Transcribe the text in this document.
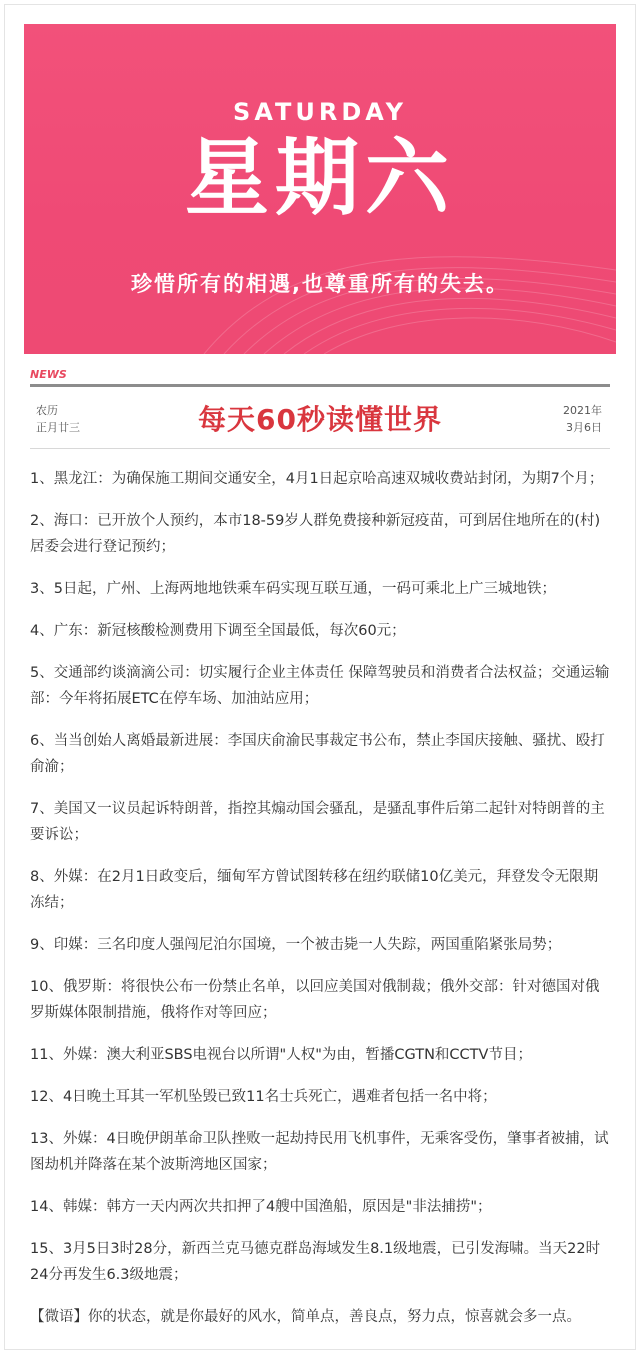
SATURDAY
星期六
珍惜所有的相遇,也尊重所有的失去。
NEWS
农历
正月廿三	每天60秒读懂世界	2021年
3月6日

1、黑龙江：为确保施工期间交通安全，4月1日起京哈高速双城收费站封闭，为期7个月；

2、海口：已开放个人预约，本市18-59岁人群免费接种新冠疫苗，可到居住地所在的(村)居委会进行登记预约；

3、5日起，广州、上海两地地铁乘车码实现互联互通，一码可乘北上广三城地铁；

4、广东：新冠核酸检测费用下调至全国最低，每次60元；

5、交通部约谈滴滴公司：切实履行企业主体责任 保障驾驶员和消费者合法权益；交通运输部：今年将拓展ETC在停车场、加油站应用；

6、当当创始人离婚最新进展：李国庆俞渝民事裁定书公布，禁止李国庆接触、骚扰、殴打俞渝；

7、美国又一议员起诉特朗普，指控其煽动国会骚乱，是骚乱事件后第二起针对特朗普的主要诉讼；

8、外媒：在2月1日政变后，缅甸军方曾试图转移在纽约联储10亿美元，拜登发令无限期冻结；

9、印媒：三名印度人强闯尼泊尔国境，一个被击毙一人失踪，两国重陷紧张局势；

10、俄罗斯：将很快公布一份禁止名单，以回应美国对俄制裁；俄外交部：针对德国对俄罗斯媒体限制措施，俄将作对等回应；

11、外媒：澳大利亚SBS电视台以所谓"人权"为由，暂播CGTN和CCTV节目；

12、4日晚土耳其一军机坠毁已致11名士兵死亡，遇难者包括一名中将；

13、外媒：4日晚伊朗革命卫队挫败一起劫持民用飞机事件，无乘客受伤，肇事者被捕，试图劫机并降落在某个波斯湾地区国家；

14、韩媒：韩方一天内两次共扣押了4艘中国渔船，原因是"非法捕捞"；

15、3月5日3时28分，新西兰克马德克群岛海域发生8.1级地震，已引发海啸。当天22时24分再发生6.3级地震；

【微语】你的状态，就是你最好的风水，简单点，善良点，努力点，惊喜就会多一点。
